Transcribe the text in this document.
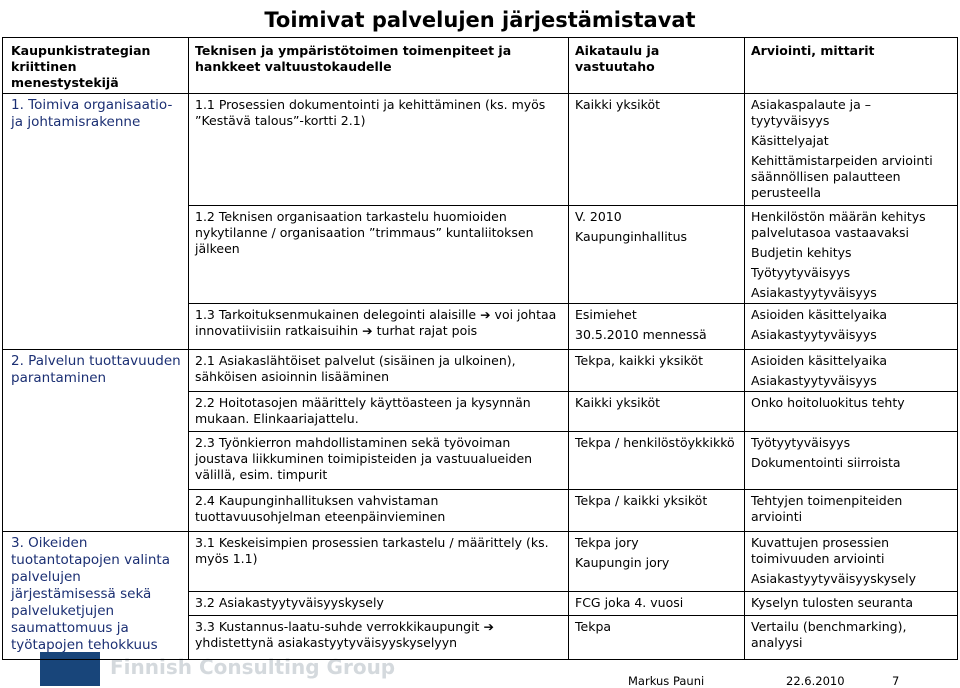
Toimivat palvelujen järjestämistavat
Finnish Consulting Group
Kaupunkistrategian kriittinen menestystekijä	Teknisen ja ympäristötoimen toimenpiteet ja hankkeet valtuustokaudelle	Aikataulu ja vastuutaho	Arviointi, mittarit
1. Toimiva organisaatio- ja johtamisrakenne	1.1 Prosessien dokumentointi ja kehittäminen (ks. myös ”Kestävä talous”-kortti 2.1)	Kaikki yksiköt	Asiakaspalaute ja – tyytyväisyys
Käsittelyajat
Kehittämistarpeiden arviointi säännöllisen palautteen perusteella

	1.2 Teknisen organisaation tarkastelu huomioiden nykytilanne / organisaation ”trimmaus” kuntaliitoksen jälkeen	V. 2010
Kaupunginhallitus	Henkilöstön määrän kehitys palvelutasoa vastaavaksi
Budjetin kehitys
Työtyytyväisyys
Asiakastyytyväisyys

	1.3 Tarkoituksenmukainen delegointi alaisille ➔ voi johtaa innovatiivisiin ratkaisuihin ➔ turhat rajat pois	Esimiehet
30.5.2010 mennessä	Asioiden käsittelyaika
Asiakastyytyväisyys

2. Palvelun tuottavuuden parantaminen	2.1 Asiakaslähtöiset palvelut (sisäinen ja ulkoinen), sähköisen asioinnin lisääminen	Tekpa, kaikki yksiköt	Asioiden käsittelyaika
Asiakastyytyväisyys

	2.2 Hoitotasojen määrittely käyttöasteen ja kysynnän mukaan. Elinkaariajattelu.	Kaikki yksiköt	Onko hoitoluokitus tehty

	2.3 Työnkierron mahdollistaminen sekä työvoiman joustava liikkuminen toimipisteiden ja vastuualueiden välillä, esim. timpurit	Tekpa / henkilöstöykkikkö	Työtyytyväisyys
Dokumentointi siirroista

	2.4 Kaupunginhallituksen vahvistaman tuottavuusohjelman eteenpäinvieminen	Tekpa / kaikki yksiköt	Tehtyjen toimenpiteiden arviointi

3. Oikeiden tuotantotapojen valinta palvelujen järjestämisessä sekä palveluketjujen saumattomuus ja työtapojen tehokkuus	3.1 Keskeisimpien prosessien tarkastelu / määrittely (ks. myös 1.1)	Tekpa jory
Kaupungin jory	Kuvattujen prosessien toimivuuden arviointi
Asiakastyytyväisyyskysely

	3.2 Asiakastyytyväisyyskysely	FCG joka 4. vuosi	Kyselyn tulosten seuranta

	3.3 Kustannus-laatu-suhde verrokkikaupungit ➔ yhdistettynä asiakastyytyväisyyskyselyyn	Tekpa	Vertailu (benchmarking), analyysi
Markus Pauni	22.6.2010	7
